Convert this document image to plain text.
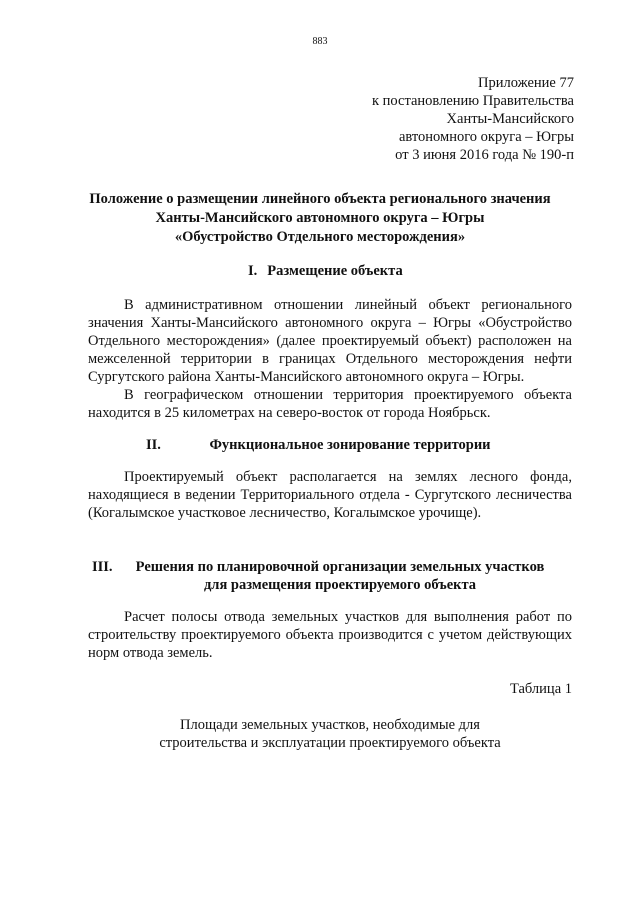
883
Приложение 77
к постановлению Правительства
Ханты-Мансийского
автономного округа – Югры
от 3 июня 2016 года № 190-п
Положение о размещении линейного объекта регионального значения
Ханты-Мансийского автономного округа – Югры
«Обустройство Отдельного месторождения»
I. Размещение объекта
В административном отношении линейный объект регионального значения Ханты-Мансийского автономного округа – Югры «Обустройство Отдельного месторождения» (далее проектируемый объект) расположен на межселенной территории в границах Отдельного месторождения нефти Сургутского района Ханты-Мансийского автономного округа – Югры.
В географическом отношении территория проектируемого объекта находится в 25 километрах на северо-восток от города Ноябрьск.
II.	Функциональное зонирование территории
Проектируемый объект располагается на землях лесного фонда, находящиеся в ведении Территориального отдела - Сургутского лесничества (Когалымское участковое лесничество, Когалымское урочище).
III.	Решения по планировочной организации земельных участков
для размещения проектируемого объекта
Расчет полосы отвода земельных участков для выполнения работ по строительству проектируемого объекта производится с учетом действующих норм отвода земель.
Таблица 1
Площади земельных участков, необходимые для
строительства и эксплуатации проектируемого объекта
